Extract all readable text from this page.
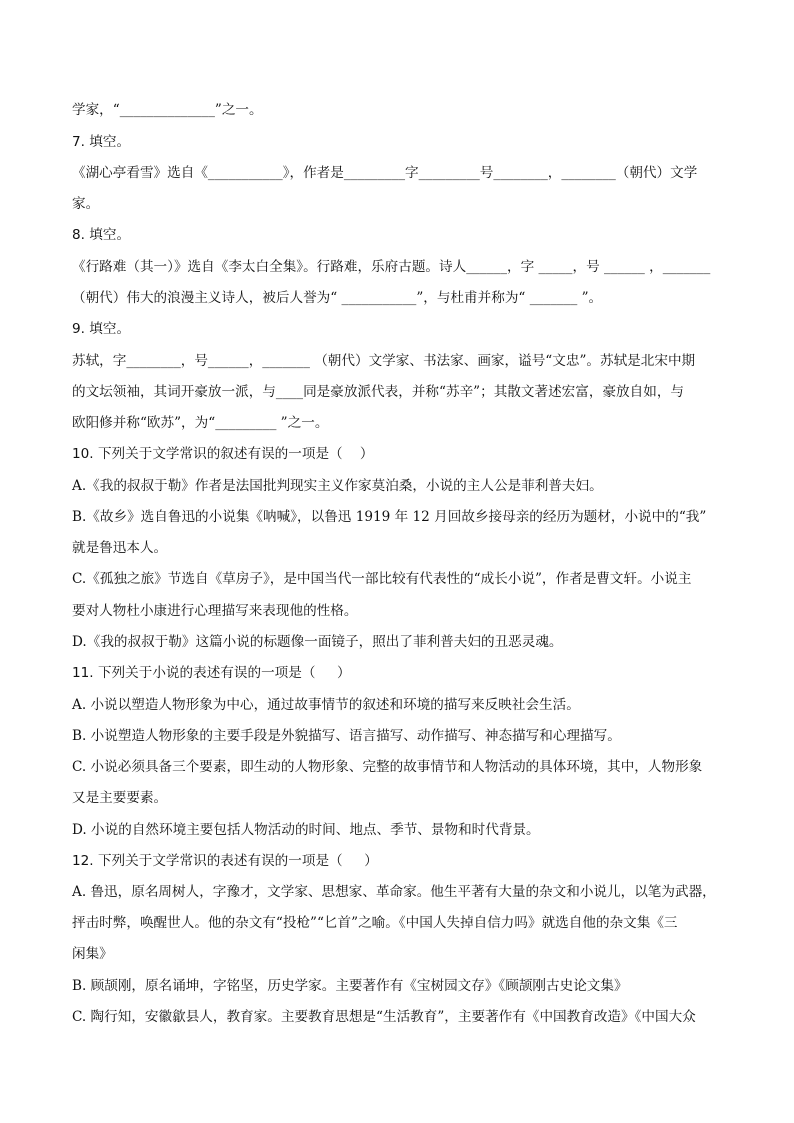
学家，“______________”之一。
7. 填空。
《湖心亭看雪》选自《___________》，作者是_________字_________号________，________（朝代）文学
家。
8. 填空。
《行路难（其一）》选自《李太白全集》。行路难，乐府古题。诗人______，字 _____，号 ______ ，_______
（朝代）伟大的浪漫主义诗人，被后人誉为“ ___________”，与杜甫并称为“ _______ ”。
9. 填空。
苏轼，字________，号______，_______ （朝代）文学家、书法家、画家，谥号“文忠”。苏轼是北宋中期
的文坛领袖，其词开豪放一派，与____同是豪放派代表，并称“苏辛”；其散文著述宏富，豪放自如，与
欧阳修并称“欧苏”，为“_________ ”之一。
10. 下列关于文学常识的叙述有误的一项是（    ）
A.《我的叔叔于勒》作者是法国批判现实主义作家莫泊桑，小说的主人公是菲利普夫妇。
B.《故乡》选自鲁迅的小说集《呐喊》，以鲁迅 1919 年 12 月回故乡接母亲的经历为题材，小说中的“我”
就是鲁迅本人。
C.《孤独之旅》节选自《草房子》，是中国当代一部比较有代表性的“成长小说”，作者是曹文轩。小说主
要对人物杜小康进行心理描写来表现他的性格。
D.《我的叔叔于勒》这篇小说的标题像一面镜子，照出了菲利普夫妇的丑恶灵魂。
11. 下列关于小说的表述有误的一项是（     ）
A. 小说以塑造人物形象为中心，通过故事情节的叙述和环境的描写来反映社会生活。
B. 小说塑造人物形象的主要手段是外貌描写、语言描写、动作描写、神态描写和心理描写。
C. 小说必须具备三个要素，即生动的人物形象、完整的故事情节和人物活动的具体环境，其中，人物形象
又是主要要素。
D. 小说的自然环境主要包括人物活动的时间、地点、季节、景物和时代背景。
12. 下列关于文学常识的表述有误的一项是（     ）
A. 鲁迅，原名周树人，字豫才，文学家、思想家、革命家。他生平著有大量的杂文和小说儿，以笔为武器，
抨击时弊，唤醒世人。他的杂文有“投枪”“匕首”之喻。《中国人失掉自信力吗》就选自他的杂文集《三
闲集》
B. 顾颉刚，原名诵坤，字铭坚，历史学家。主要著作有《宝树园文存》《顾颉刚古史论文集》
C. 陶行知，安徽歙县人，教育家。主要教育思想是“生活教育”，主要著作有《中国教育改造》《中国大众
